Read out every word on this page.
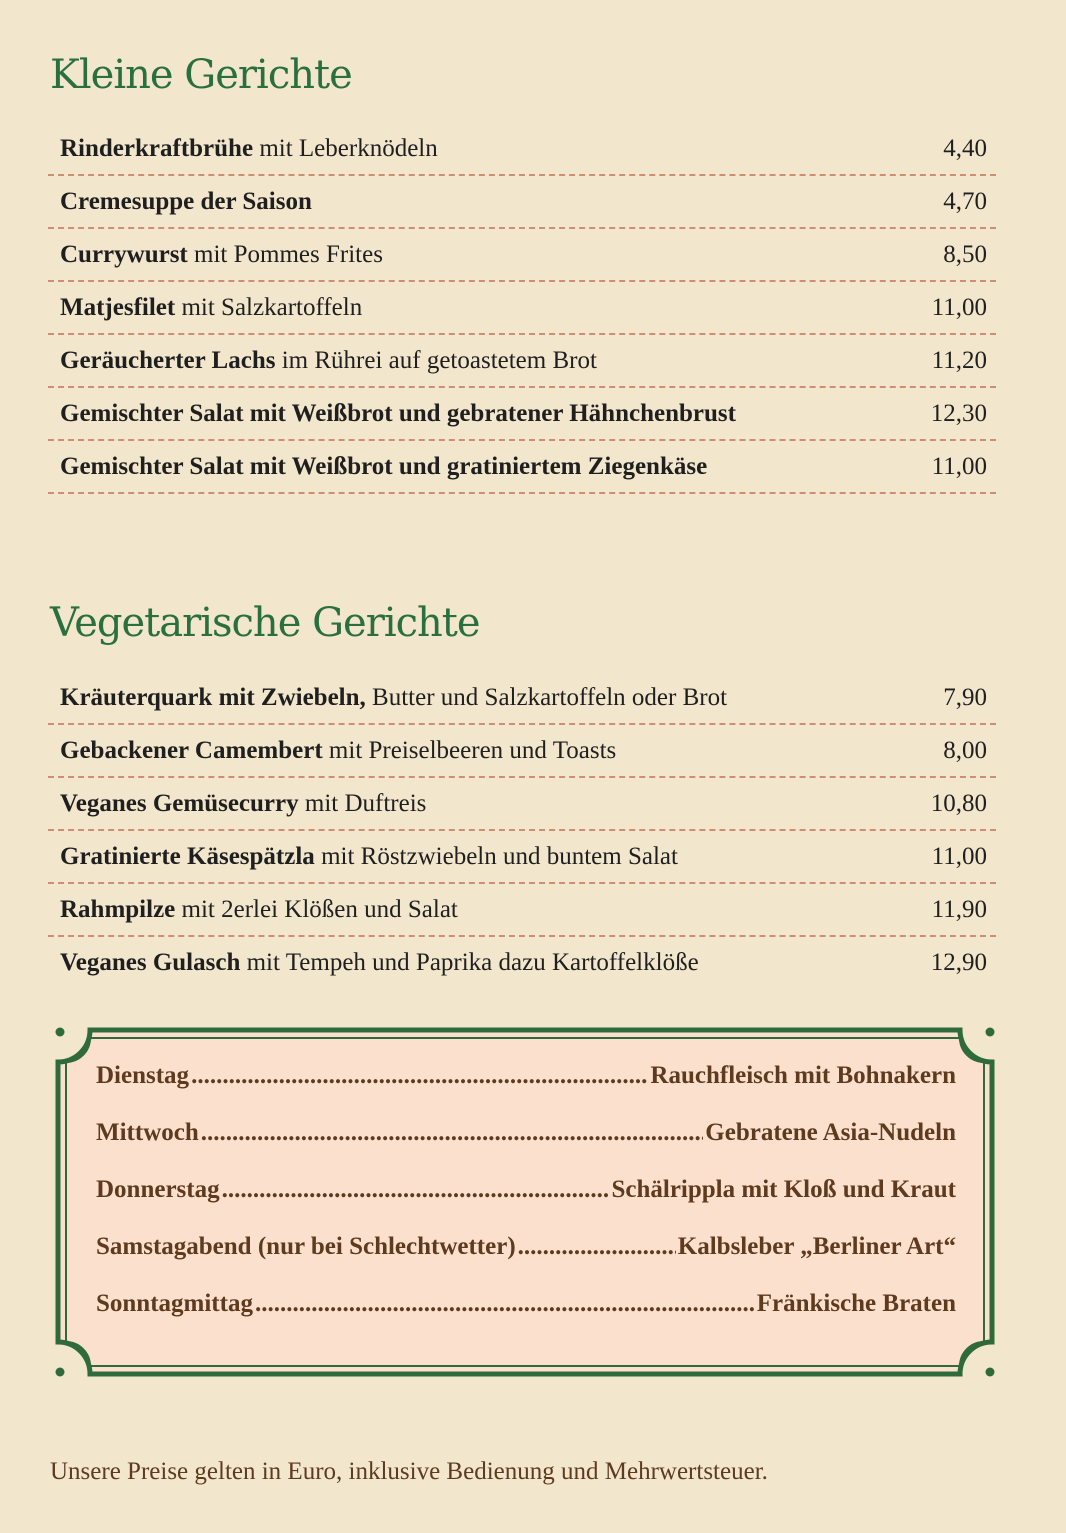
Kleine Gerichte
Rinderkraftbrühe mit Leberknödeln	4,40
Cremesuppe der Saison	4,70
Currywurst mit Pommes Frites	8,50
Matjesfilet mit Salzkartoffeln	11,00
Geräucherter Lachs im Rührei auf getoastetem Brot	11,20
Gemischter Salat mit Weißbrot und gebratener Hähnchenbrust	12,30
Gemischter Salat mit Weißbrot und gratiniertem Ziegenkäse	11,00
Vegetarische Gerichte
Kräuterquark mit Zwiebeln, Butter und Salzkartoffeln oder Brot	7,90
Gebackener Camembert mit Preiselbeeren und Toasts	8,00
Veganes Gemüsecurry mit Duftreis	10,80
Gratinierte Käsespätzla mit Röstzwiebeln und buntem Salat	11,00
Rahmpilze mit 2erlei Klößen und Salat	11,90
Veganes Gulasch mit Tempeh und Paprika dazu Kartoffelklöße	12,90
Dienstag .....	Rauchfleisch mit Bohnakern
Mittwoch .....	Gebratene Asia-Nudeln
Donnerstag .....	Schälrippla mit Kloß und Kraut
Samstagabend (nur bei Schlechtwetter) .....	Kalbsleber „Berliner Art“
Sonntagmittag .....	Fränkische Braten

Unsere Preise gelten in Euro, inklusive Bedienung und Mehrwertsteuer.
